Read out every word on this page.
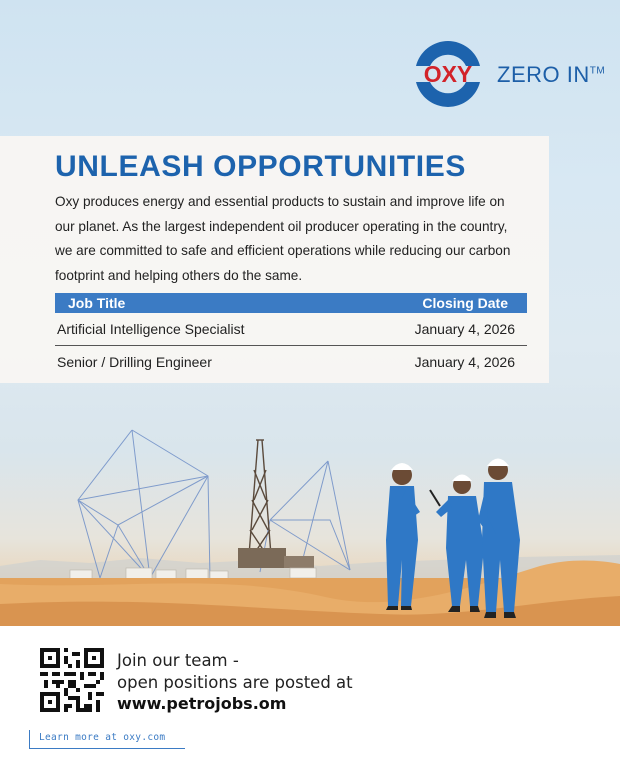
OXY ZERO IN™
UNLEASH OPPORTUNITIES
Oxy produces energy and essential products to sustain and improve life on our planet. As the largest independent oil producer operating in the country, we are committed to safe and efficient operations while reducing our carbon footprint and helping others do the same.
Job Title	Closing Date
Artificial Intelligence Specialist	January 4, 2026
Senior / Drilling Engineer	January 4, 2026
Join our team -
open positions are posted at
www.petrojobs.om
Learn more at oxy.com
